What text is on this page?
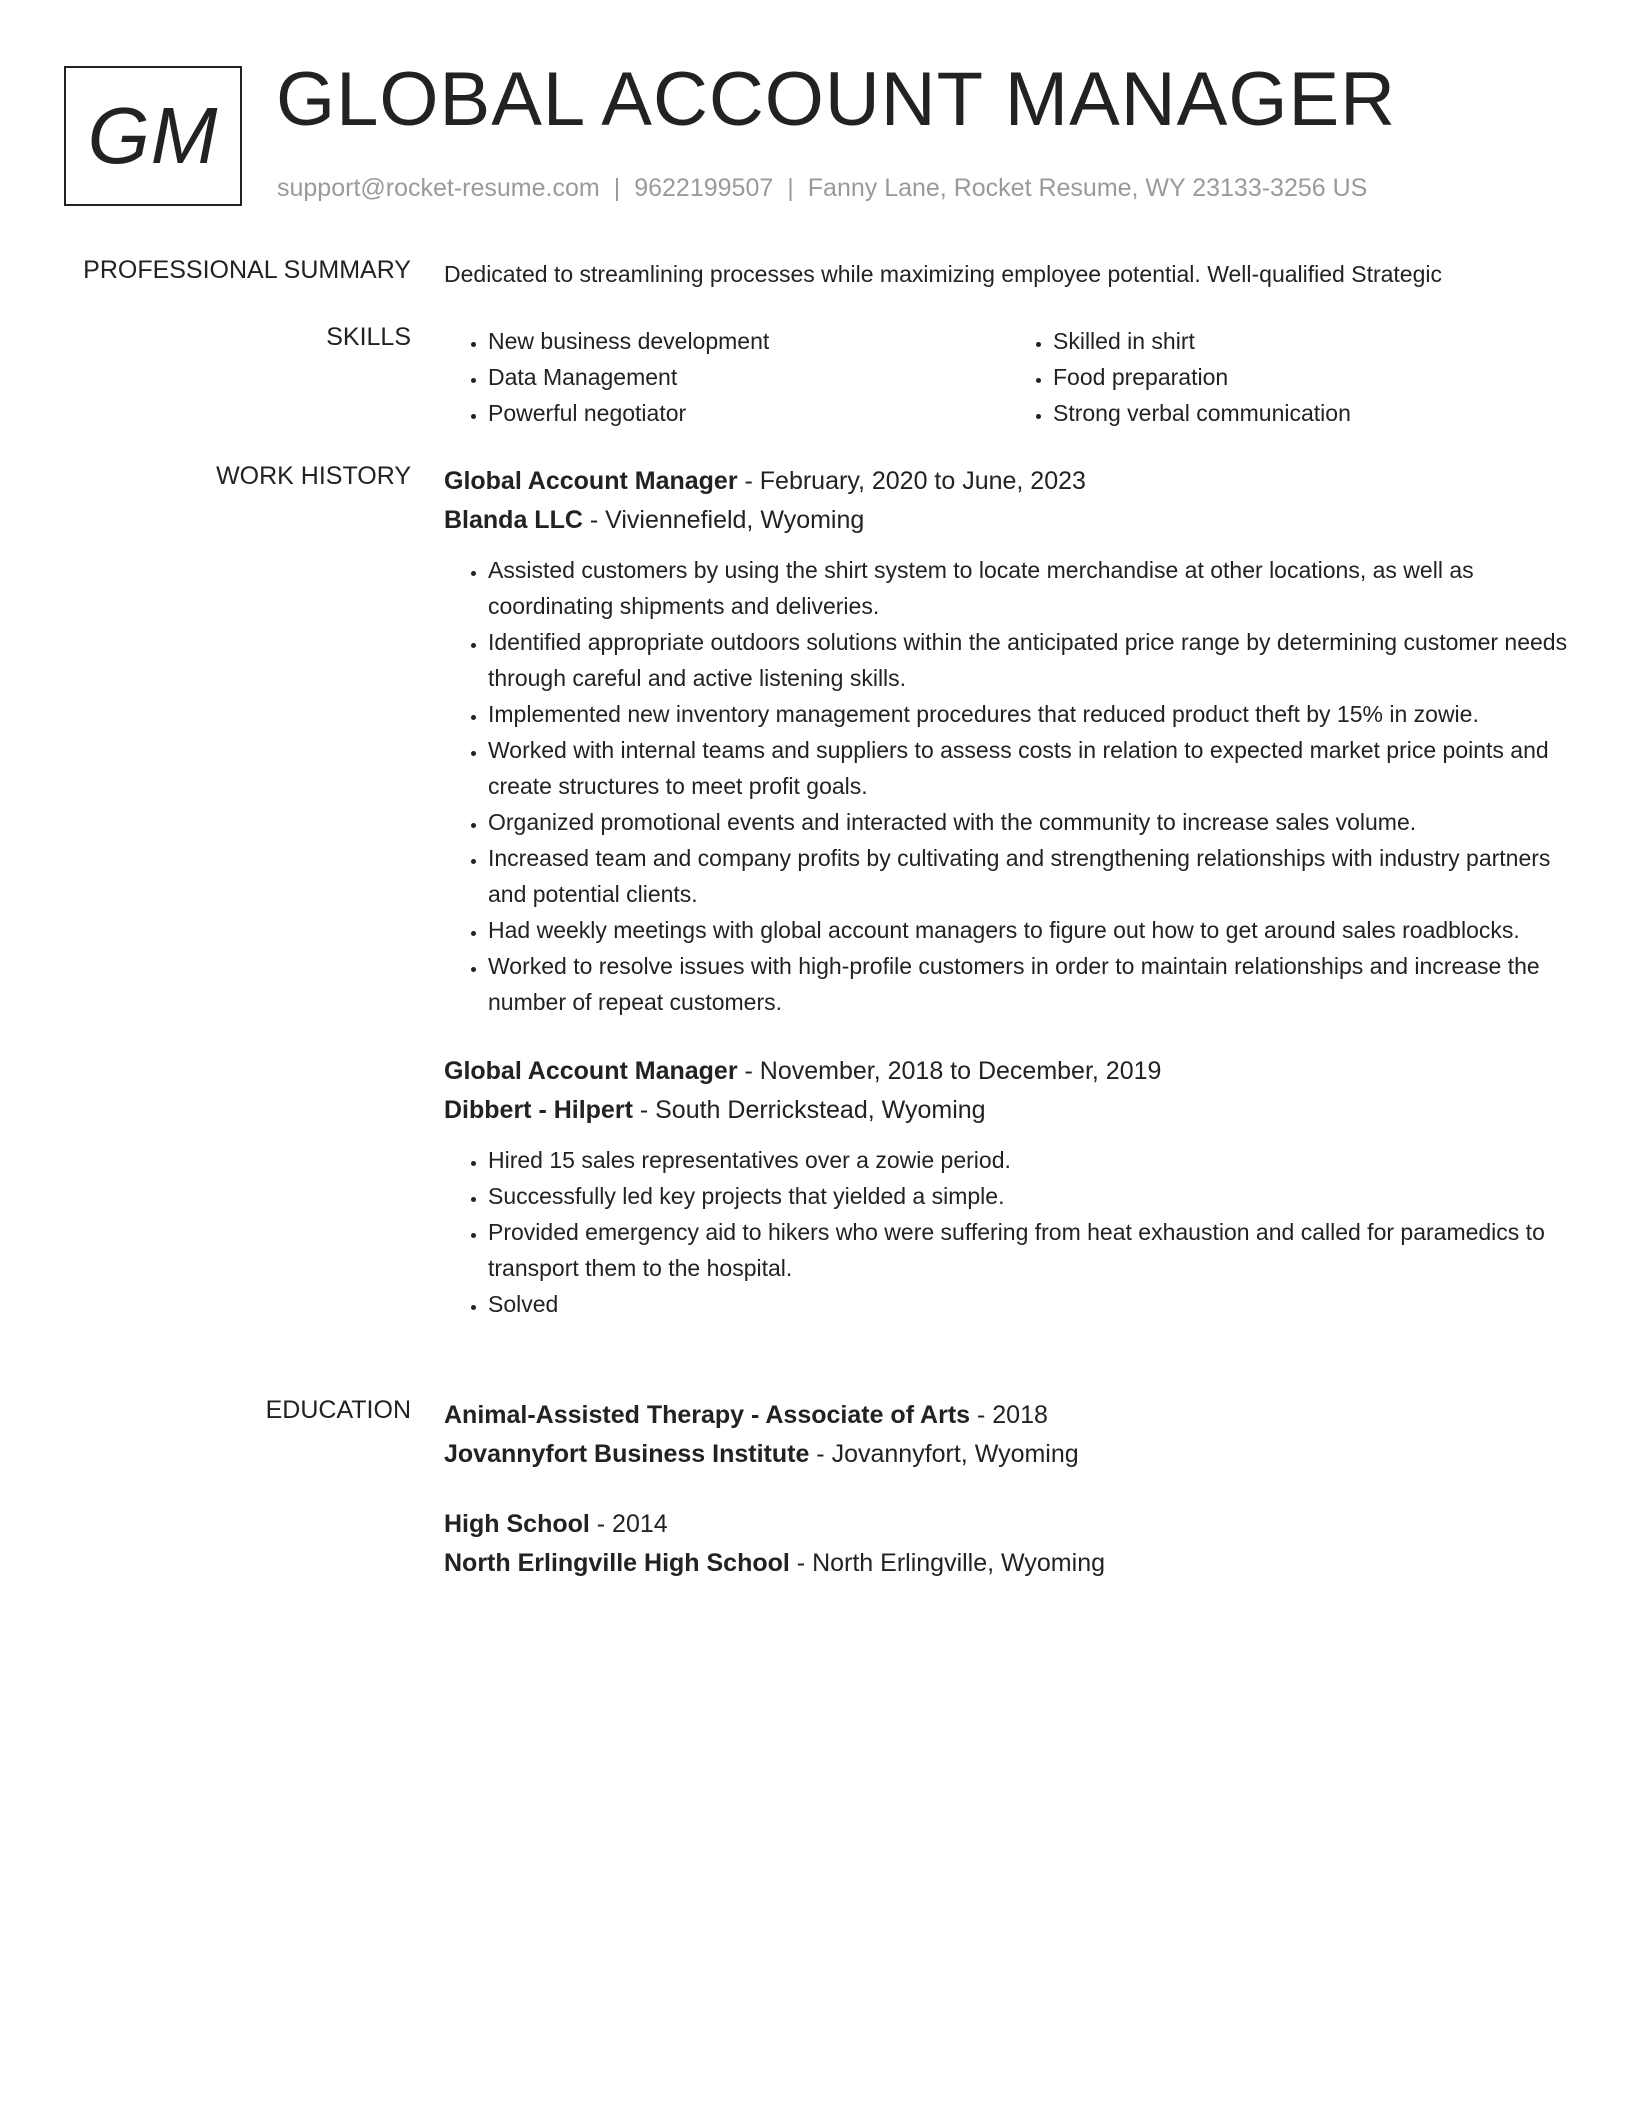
GM GLOBAL ACCOUNT MANAGER
support@rocket-resume.com | 9622199507 | Fanny Lane, Rocket Resume, WY 23133-3256 US
PROFESSIONAL SUMMARY Dedicated to streamlining processes while maximizing employee potential. Well-qualified Strategic
SKILLS
•	New business development
• Data Management
• Powerful negotiator
• Skilled in shirt
• Food preparation
• Strong verbal communication
WORK HISTORY Global Account Manager - February, 2020 to June, 2023
Blanda LLC - Viviennefield, Wyoming
• Assisted customers by using the shirt system to locate merchandise at other locations, as well as coordinating shipments and deliveries.
• Identified appropriate outdoors solutions within the anticipated price range by determining customer needs through careful and active listening skills.
• Implemented new inventory management procedures that reduced product theft by 15% in zowie.
• Worked with internal teams and suppliers to assess costs in relation to expected market price points and create structures to meet profit goals.
• Organized promotional events and interacted with the community to increase sales volume.
• Increased team and company profits by cultivating and strengthening relationships with industry partners and potential clients.
• Had weekly meetings with global account managers to figure out how to get around sales roadblocks.
• Worked to resolve issues with high-profile customers in order to maintain relationships and increase the number of repeat customers.
Global Account Manager - November, 2018 to December, 2019
Dibbert - Hilpert - South Derrickstead, Wyoming
• Hired 15 sales representatives over a zowie period.
• Successfully led key projects that yielded a simple.
• Provided emergency aid to hikers who were suffering from heat exhaustion and called for paramedics to transport them to the hospital.
• Solved
EDUCATION Animal-Assisted Therapy - Associate of Arts - 2018
Jovannyfort Business Institute - Jovannyfort, Wyoming
High School - 2014
North Erlingville High School - North Erlingville, Wyoming
